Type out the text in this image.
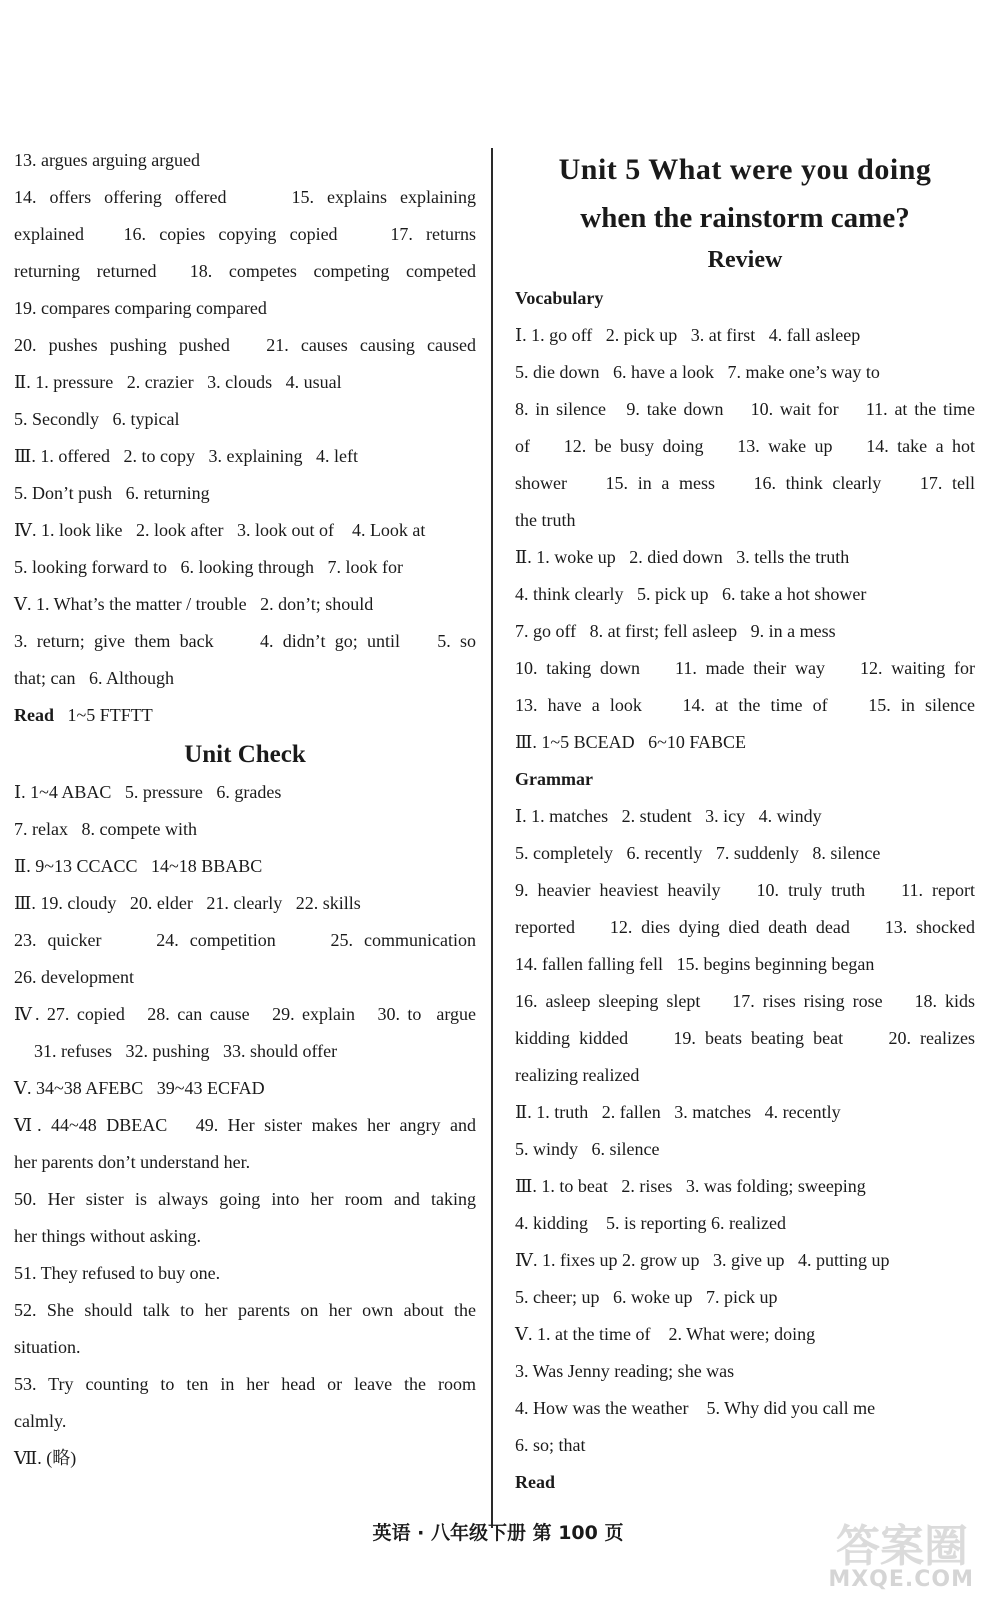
13. argues arguing argued
14. offers offering offered     15. explains explaining
explained   16. copies copying copied    17. returns
returning returned  18. competes competing competed
19. compares comparing compared
20. pushes pushing pushed   21. causes causing caused
Ⅱ. 1. pressure   2. crazier   3. clouds   4. usual
5. Secondly   6. typical
Ⅲ. 1. offered   2. to copy   3. explaining   4. left
5. Don’t push   6. returning
Ⅳ. 1. look like   2. look after   3. look out of    4. Look at
5. looking forward to   6. looking through   7. look for
Ⅴ. 1. What’s the matter / trouble   2. don’t; should
3. return; give them back     4. didn’t go; until    5. so
that; can   6. Although
Read 1~5 FTFTT
Unit Check
Ⅰ. 1~4 ABAC   5. pressure   6. grades
7. relax   8. compete with
Ⅱ. 9~13 CCACC   14~18 BBABC
Ⅲ. 19. cloudy   20. elder   21. clearly   22. skills
23. quicker     24. competition     25. communication
26. development
Ⅳ. 27. copied   28. can cause   29. explain   30. to  argue
31. refuses   32. pushing   33. should offer
Ⅴ. 34~38 AFEBC   39~43 ECFAD
Ⅵ. 44~48 DBEAC   49. Her sister makes her angry and
her parents don’t understand her.
50. Her sister is always going into her room and taking
her things without asking.
51. They refused to buy one.
52. She should talk to her parents on her own about the
situation.
53. Try counting to ten in her head or leave the room
calmly.
Ⅶ. (略)
Unit 5 What were you doing
when the rainstorm came?
Review
Vocabulary
Ⅰ. 1. go off   2. pick up   3. at first   4. fall asleep
5. die down   6. have a look   7. make one’s way to
8. in silence   9. take down    10. wait for    11. at the time
of    12. be busy doing    13. wake up    14. take a hot
shower    15. in a mess    16. think clearly    17. tell
the truth
Ⅱ. 1. woke up   2. died down   3. tells the truth
4. think clearly   5. pick up   6. take a hot shower
7. go off   8. at first; fell asleep   9. in a mess
10. taking down    11. made their way    12. waiting for
13. have a look    14. at the time of    15. in silence
Ⅲ. 1~5 BCEAD   6~10 FABCE
Grammar
Ⅰ. 1. matches   2. student   3. icy   4. windy
5. completely   6. recently   7. suddenly   8. silence
9. heavier heaviest heavily    10. truly truth    11. report
reported    12. dies dying died death dead    13. shocked
14. fallen falling fell   15. begins beginning began
16. asleep sleeping slept    17. rises rising rose    18. kids
kidding kidded     19. beats beating beat     20. realizes
realizing realized
Ⅱ. 1. truth   2. fallen   3. matches   4. recently
5. windy   6. silence
Ⅲ. 1. to beat   2. rises   3. was folding; sweeping
4. kidding    5. is reporting 6. realized
Ⅳ. 1. fixes up 2. grow up   3. give up   4. putting up
5. cheer; up   6. woke up   7. pick up
Ⅴ. 1. at the time of    2. What were; doing
3. Was Jenny reading; she was
4. How was the weather    5. Why did you call me
6. so; that
Read
英语 · 八年级下册 第 100 页	答案圈
MXQE.COM
